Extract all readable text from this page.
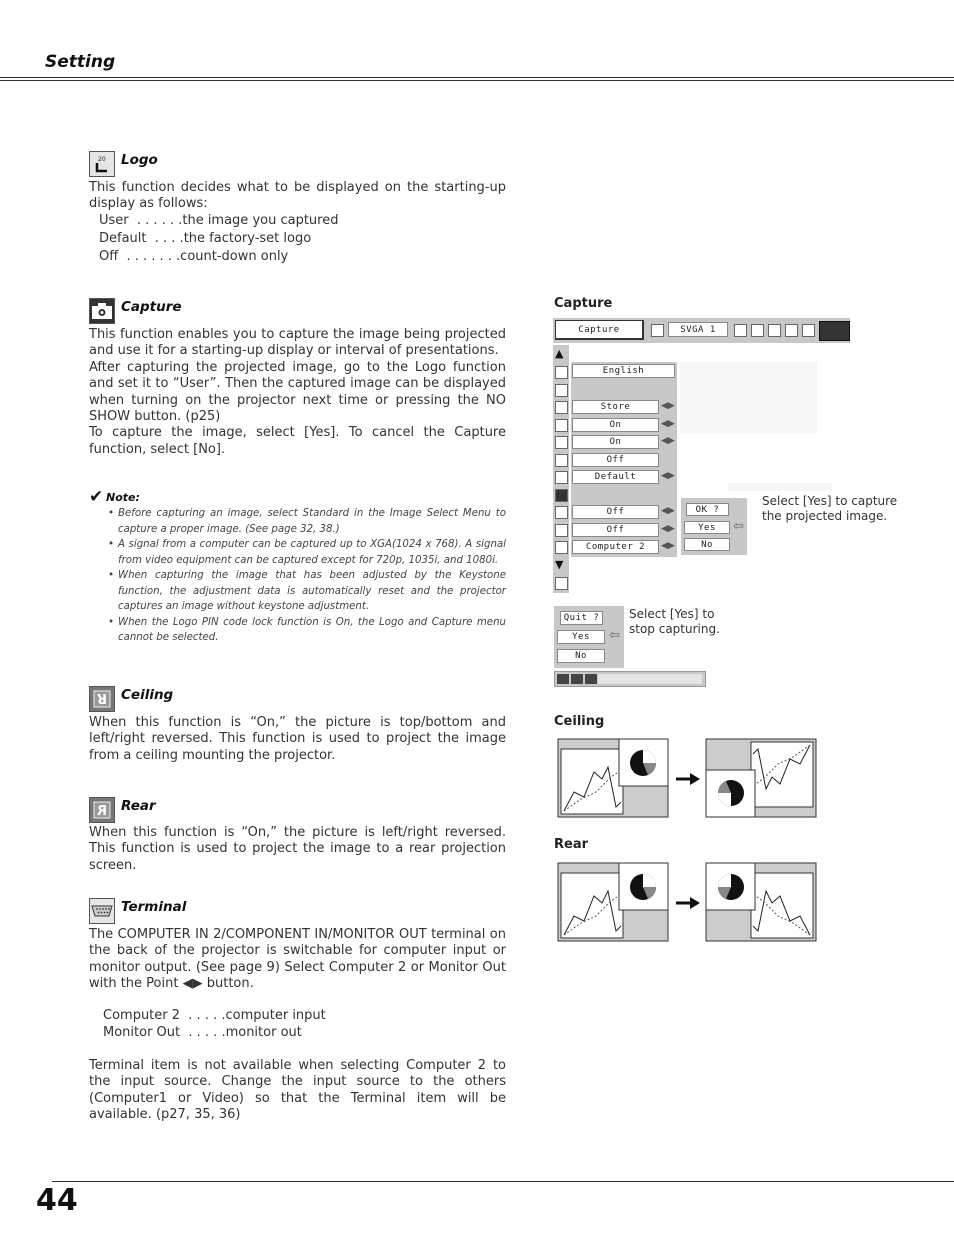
Setting
20 Logo
This function decides what to be displayed on the starting-up display as follows:
User  . . . . . .the image you captured
Default  . . . .the factory-set logo
Off  . . . . . . .count-down only
Capture

This function enables you to capture the image being projected and use it for a starting-up display or interval of presentations.

After capturing the projected image, go to the Logo function and set it to “User”. Then the captured image can be displayed when turning on the projector next time or pressing the NO SHOW button. (p25)

To capture the image, select [Yes]. To cancel the Capture function, select [No].

✔ Note:
• Before capturing an image, select Standard in the Image Select Menu to capture a proper image. (See page 32, 38.)
• A signal from a computer can be captured up to XGA(1024 x 768). A signal from video equipment can be captured except for 720p, 1035i, and 1080i.
• When capturing the image that has been adjusted by the Keystone function, the adjustment data is automatically reset and the projector captures an image without keystone adjustment.
• When the Logo PIN code lock function is On, the Logo and Capture menu cannot be selected.
R Ceiling
When this function is “On,” the picture is top/bottom and left/right reversed. This function is used to project the image from a ceiling mounting the projector.
R Rear
When this function is “On,” the picture is left/right reversed. This function is used to project the image to a rear projection screen.
Terminal
The COMPUTER IN 2/COMPONENT IN/MONITOR OUT terminal on the back of the projector is switchable for computer input or monitor output. (See page 9) Select Computer 2 or Monitor Out with the Point ◀▶ button.
Computer 2  . . . . .computer input
Monitor Out  . . . . .monitor out
Terminal item is not available when selecting Computer 2 to the input source. Change the input source to the others (Computer1 or Video) so that the Terminal item will be available. (p27, 35, 36)
Capture
Capture	SVGA 1
▲
▼
English
Store	◀▶
On	◀▶
On	◀▶
Off
Default	◀▶
Off	◀▶
Off	◀▶
Computer 2	◀▶
OK ?
Yes
No
⇦
Select [Yes] to capture the projected image.
Quit ?
Yes
No
⇦
Select [Yes] to stop capturing.
Ceiling
Rear
44
